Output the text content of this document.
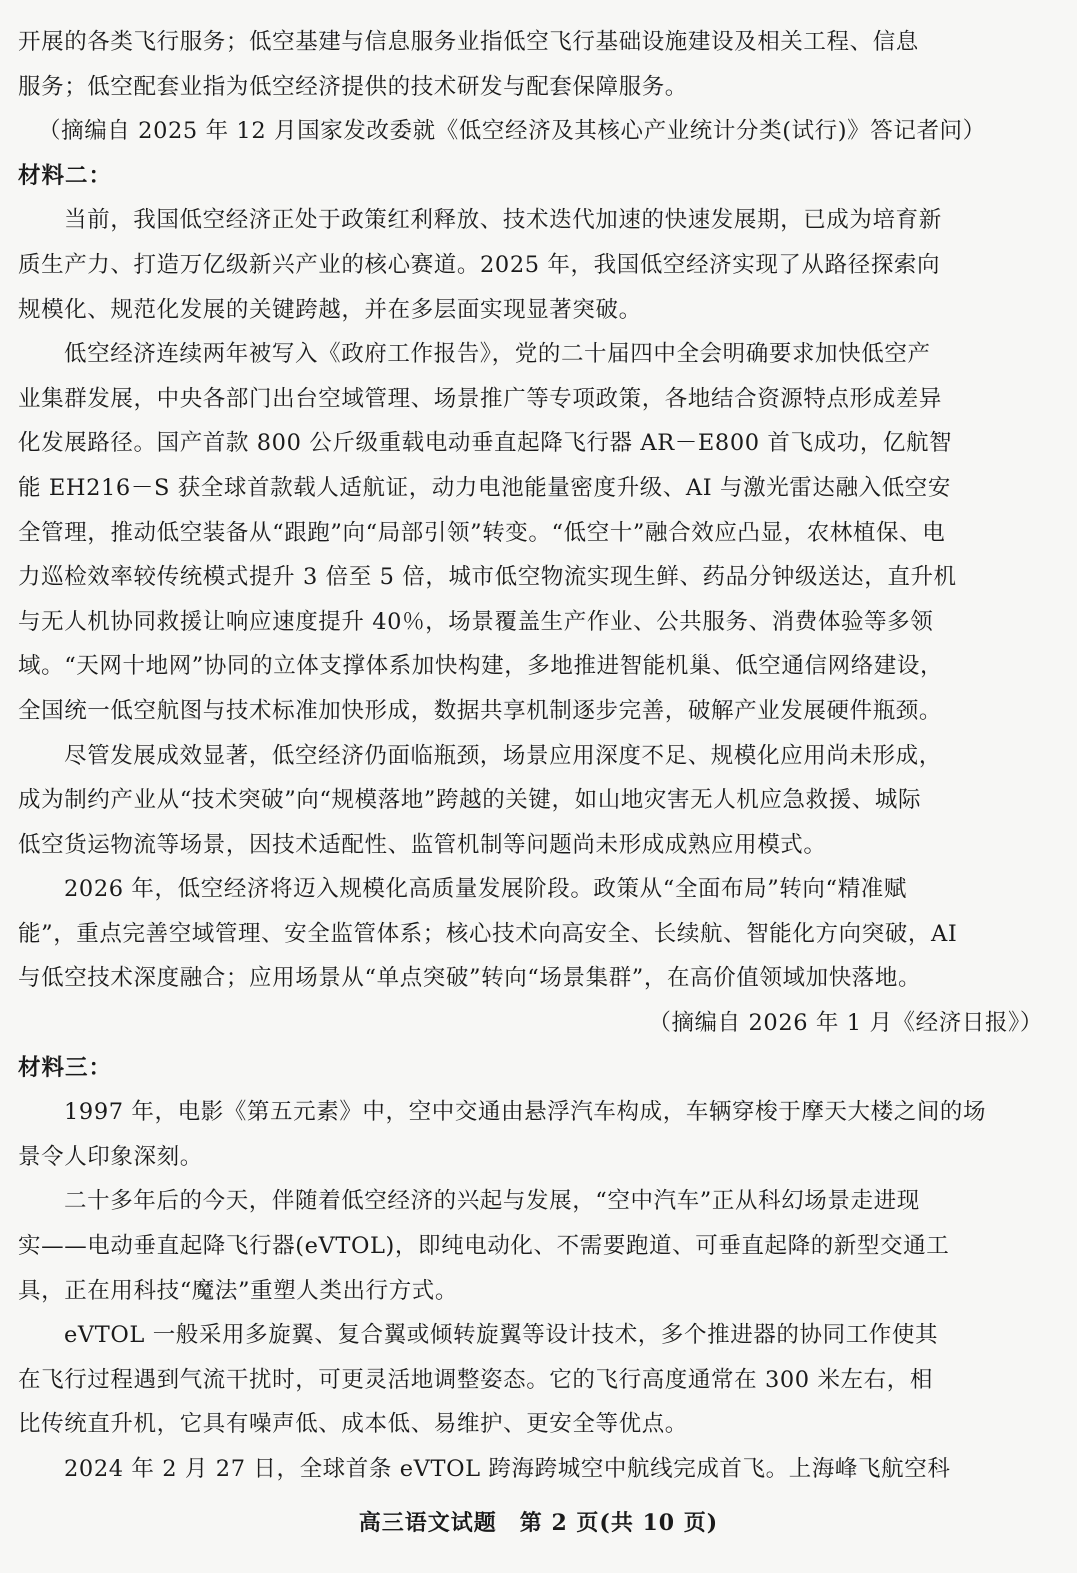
开展的各类飞行服务；低空基建与信息服务业指低空飞行基础设施建设及相关工程、信息
服务；低空配套业指为低空经济提供的技术研发与配套保障服务。
（摘编自 2025 年 12 月国家发改委就《低空经济及其核心产业统计分类(试行)》答记者问）
材料二：
当前，我国低空经济正处于政策红利释放、技术迭代加速的快速发展期，已成为培育新
质生产力、打造万亿级新兴产业的核心赛道。2025 年，我国低空经济实现了从路径探索向
规模化、规范化发展的关键跨越，并在多层面实现显著突破。
低空经济连续两年被写入《政府工作报告》，党的二十届四中全会明确要求加快低空产
业集群发展，中央各部门出台空域管理、场景推广等专项政策，各地结合资源特点形成差异
化发展路径。国产首款 800 公斤级重载电动垂直起降飞行器 AR－E800 首飞成功，亿航智
能 EH216－S 获全球首款载人适航证，动力电池能量密度升级、AI 与激光雷达融入低空安
全管理，推动低空装备从“跟跑”向“局部引领”转变。“低空十”融合效应凸显，农林植保、电
力巡检效率较传统模式提升 3 倍至 5 倍，城市低空物流实现生鲜、药品分钟级送达，直升机
与无人机协同救援让响应速度提升 40％，场景覆盖生产作业、公共服务、消费体验等多领
域。“天网十地网”协同的立体支撑体系加快构建，多地推进智能机巢、低空通信网络建设，
全国统一低空航图与技术标准加快形成，数据共享机制逐步完善，破解产业发展硬件瓶颈。
尽管发展成效显著，低空经济仍面临瓶颈，场景应用深度不足、规模化应用尚未形成，
成为制约产业从“技术突破”向“规模落地”跨越的关键，如山地灾害无人机应急救援、城际
低空货运物流等场景，因技术适配性、监管机制等问题尚未形成成熟应用模式。
2026 年，低空经济将迈入规模化高质量发展阶段。政策从“全面布局”转向“精准赋
能”，重点完善空域管理、安全监管体系；核心技术向高安全、长续航、智能化方向突破，AI
与低空技术深度融合；应用场景从“单点突破”转向“场景集群”，在高价值领域加快落地。
（摘编自 2026 年 1 月《经济日报》）
材料三：
1997 年，电影《第五元素》中，空中交通由悬浮汽车构成，车辆穿梭于摩天大楼之间的场
景令人印象深刻。
二十多年后的今天，伴随着低空经济的兴起与发展，“空中汽车”正从科幻场景走进现
实——电动垂直起降飞行器(eVTOL)，即纯电动化、不需要跑道、可垂直起降的新型交通工
具，正在用科技“魔法”重塑人类出行方式。
eVTOL 一般采用多旋翼、复合翼或倾转旋翼等设计技术，多个推进器的协同工作使其
在飞行过程遇到气流干扰时，可更灵活地调整姿态。它的飞行高度通常在 300 米左右，相
比传统直升机，它具有噪声低、成本低、易维护、更安全等优点。
2024 年 2 月 27 日，全球首条 eVTOL 跨海跨城空中航线完成首飞。上海峰飞航空科
高三语文试题　第 2 页(共 10 页)
